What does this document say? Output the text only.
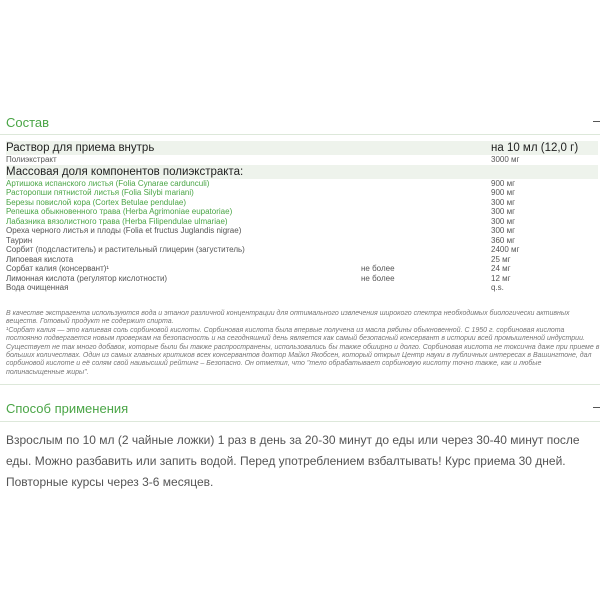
Состав
Раствор для приема внутрь		на 10 мл (12,0 г)
Полиэкстракт		3000 мг
Массовая доля компонентов полиэкстракта:		
Артишока испанского листья (Folia Cynarae cardunculi)		900 мг
Расторопши пятнистой листья (Folia Silybi mariani)		900 мг
Березы повислой кора (Cortex Betulae pendulae)		300 мг
Репешка обыкновенного трава (Herba Agrimoniae eupatoriae)		300 мг
Лабазника вязолистного трава (Herba Filipendulae ulmariae)		300 мг
Ореха черного листья и плоды (Folia et fructus Juglandis nigrae)		300 мг
Таурин		360 мг
Сорбит (подсластитель) и растительный глицерин (загуститель)		2400 мг
Липоевая кислота		25 мг
Сорбат калия (консервант)¹	не более	24 мг
Лимонная кислота (регулятор кислотности)	не более	12 мг
Вода очищенная		q.s.

В качестве экстрагента используются вода и этанол различной концентрации для оптимального извлечения широкого спектра необходимых биологически активных веществ. Готовый продукт не содержит спирта.

¹Сорбат калия — это калиевая соль сорбиновой кислоты. Сорбиновая кислота была впервые получена из масла рябины обыкновенной. С 1950 г. сорбиновая кислота постоянно подвергается новым проверкам на безопасность и на сегодняшний день является как самый безопасный консервант в истории всей промышленной индустрии. Существует не так много добавок, которые были бы также распространены, использовались бы также обширно и долго. Сорбиновая кислота не токсична даже при приеме в больших количествах. Один из самых главных критиков всех консервантов доктор Майкл Якобсен, который открыл Центр науки в публичных интересах в Вашингтоне, дал сорбиновой кислоте и её солям свой наивысший рейтинг – Безопасно. Он отметил, что "тело обрабатывает сорбиновую кислоту точно также, как и любые полинасыщенные жиры".

Способ применения

Взрослым по 10 мл (2 чайные ложки) 1 раз в день за 20-30 минут до еды или через 30-40 минут после еды. Можно разбавить или запить водой. Перед употреблением взбалтывать! Курс приема 30 дней. Повторные курсы через 3-6 месяцев.
